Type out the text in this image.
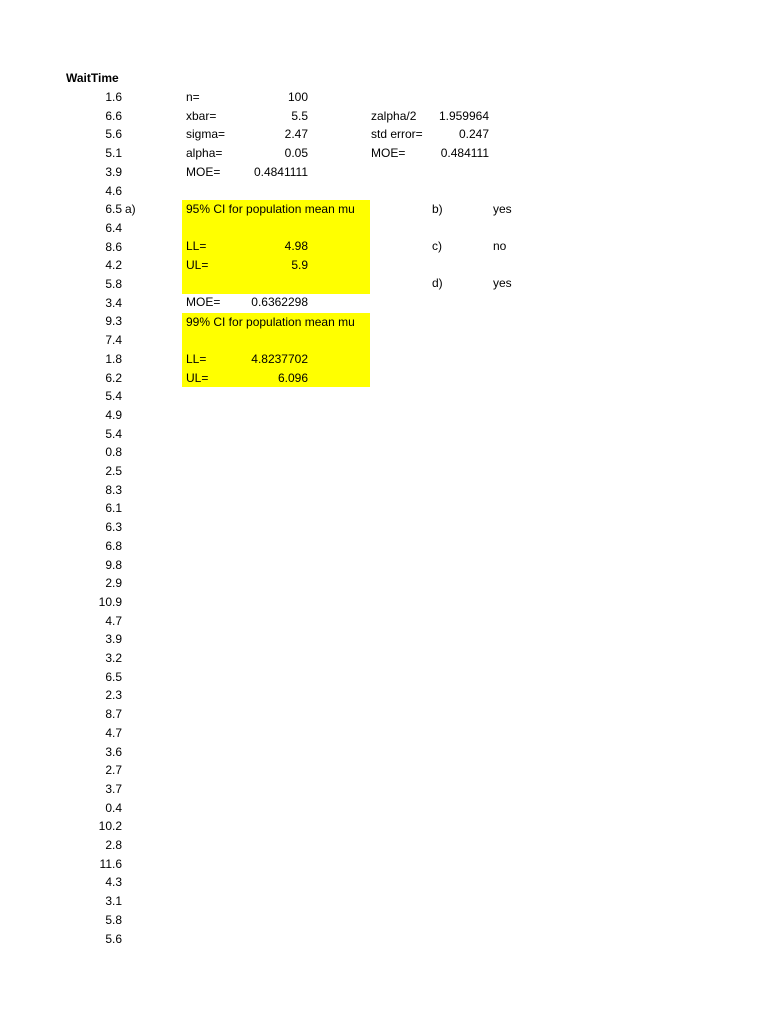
WaitTime
1.6
6.6
5.6
5.1
3.9
4.6
6.5
6.4
8.6
4.2
5.8
3.4
9.3
7.4
1.8
6.2
5.4
4.9
5.4
0.8
2.5
8.3
6.1
6.3
6.8
9.8
2.9
10.9
4.7
3.9
3.2
6.5
2.3
8.7
4.7
3.6
2.7
3.7
0.4
10.2
2.8
11.6
4.3
3.1
5.8
5.6
n=	100
xbar=	5.5
sigma=	2.47
alpha=	0.05
MOE=	0.4841111
zalpha/2	1.959964
std error=	0.247
MOE=	0.484111
a)	95% CI for population mean mu
LL=	4.98
UL=	5.9
MOE=	0.6362298
99% CI for population mean mu
LL=	4.8237702
UL=	6.096
b)	yes
c)	no
d)	yes
